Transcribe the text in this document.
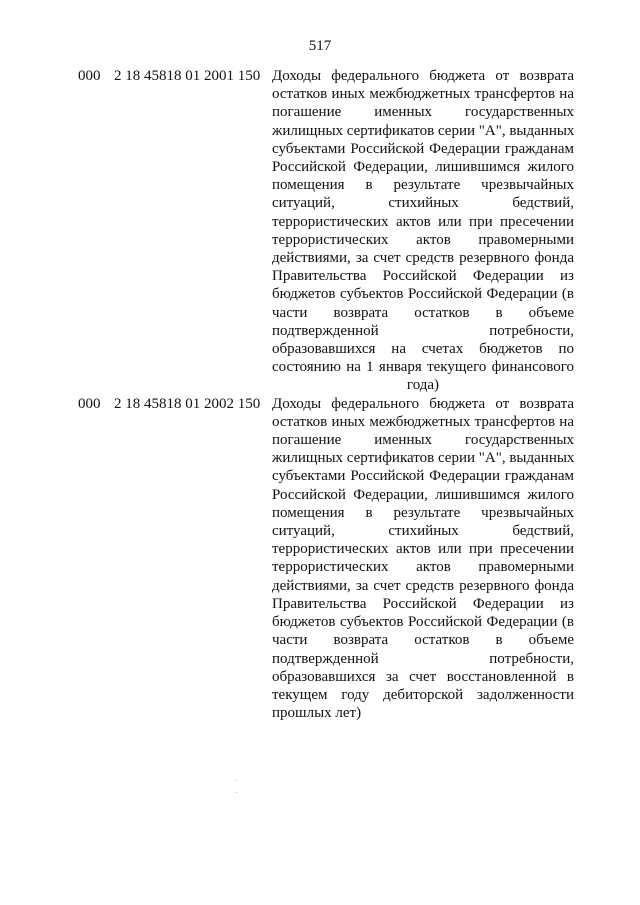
517
000 2 18 45818 01 2001 150 Доходы федерального бюджета от возврата
остатков иных межбюджетных трансфертов на
погашение именных государственных
жилищных сертификатов серии "А", выданных
субъектами Российской Федерации гражданам
Российской Федерации, лишившимся жилого
помещения в результате чрезвычайных
ситуаций, стихийных бедствий,
террористических актов или при пресечении
террористических актов правомерными
действиями, за счет средств резервного фонда
Правительства Российской Федерации из
бюджетов субъектов Российской Федерации (в
части возврата остатков в объеме
подтвержденной потребности,
образовавшихся на счетах бюджетов по
состоянию на 1 января текущего финансового
года)
000 2 18 45818 01 2002 150 Доходы федерального бюджета от возврата
остатков иных межбюджетных трансфертов на
погашение именных государственных
жилищных сертификатов серии "А", выданных
субъектами Российской Федерации гражданам
Российской Федерации, лишившимся жилого
помещения в результате чрезвычайных
ситуаций, стихийных бедствий,
террористических актов или при пресечении
террористических актов правомерными
действиями, за счет средств резервного фонда
Правительства Российской Федерации из
бюджетов субъектов Российской Федерации (в
части возврата остатков в объеме
подтвержденной потребности,
образовавшихся за счет восстановленной в
текущем году дебиторской задолженности
прошлых лет)
